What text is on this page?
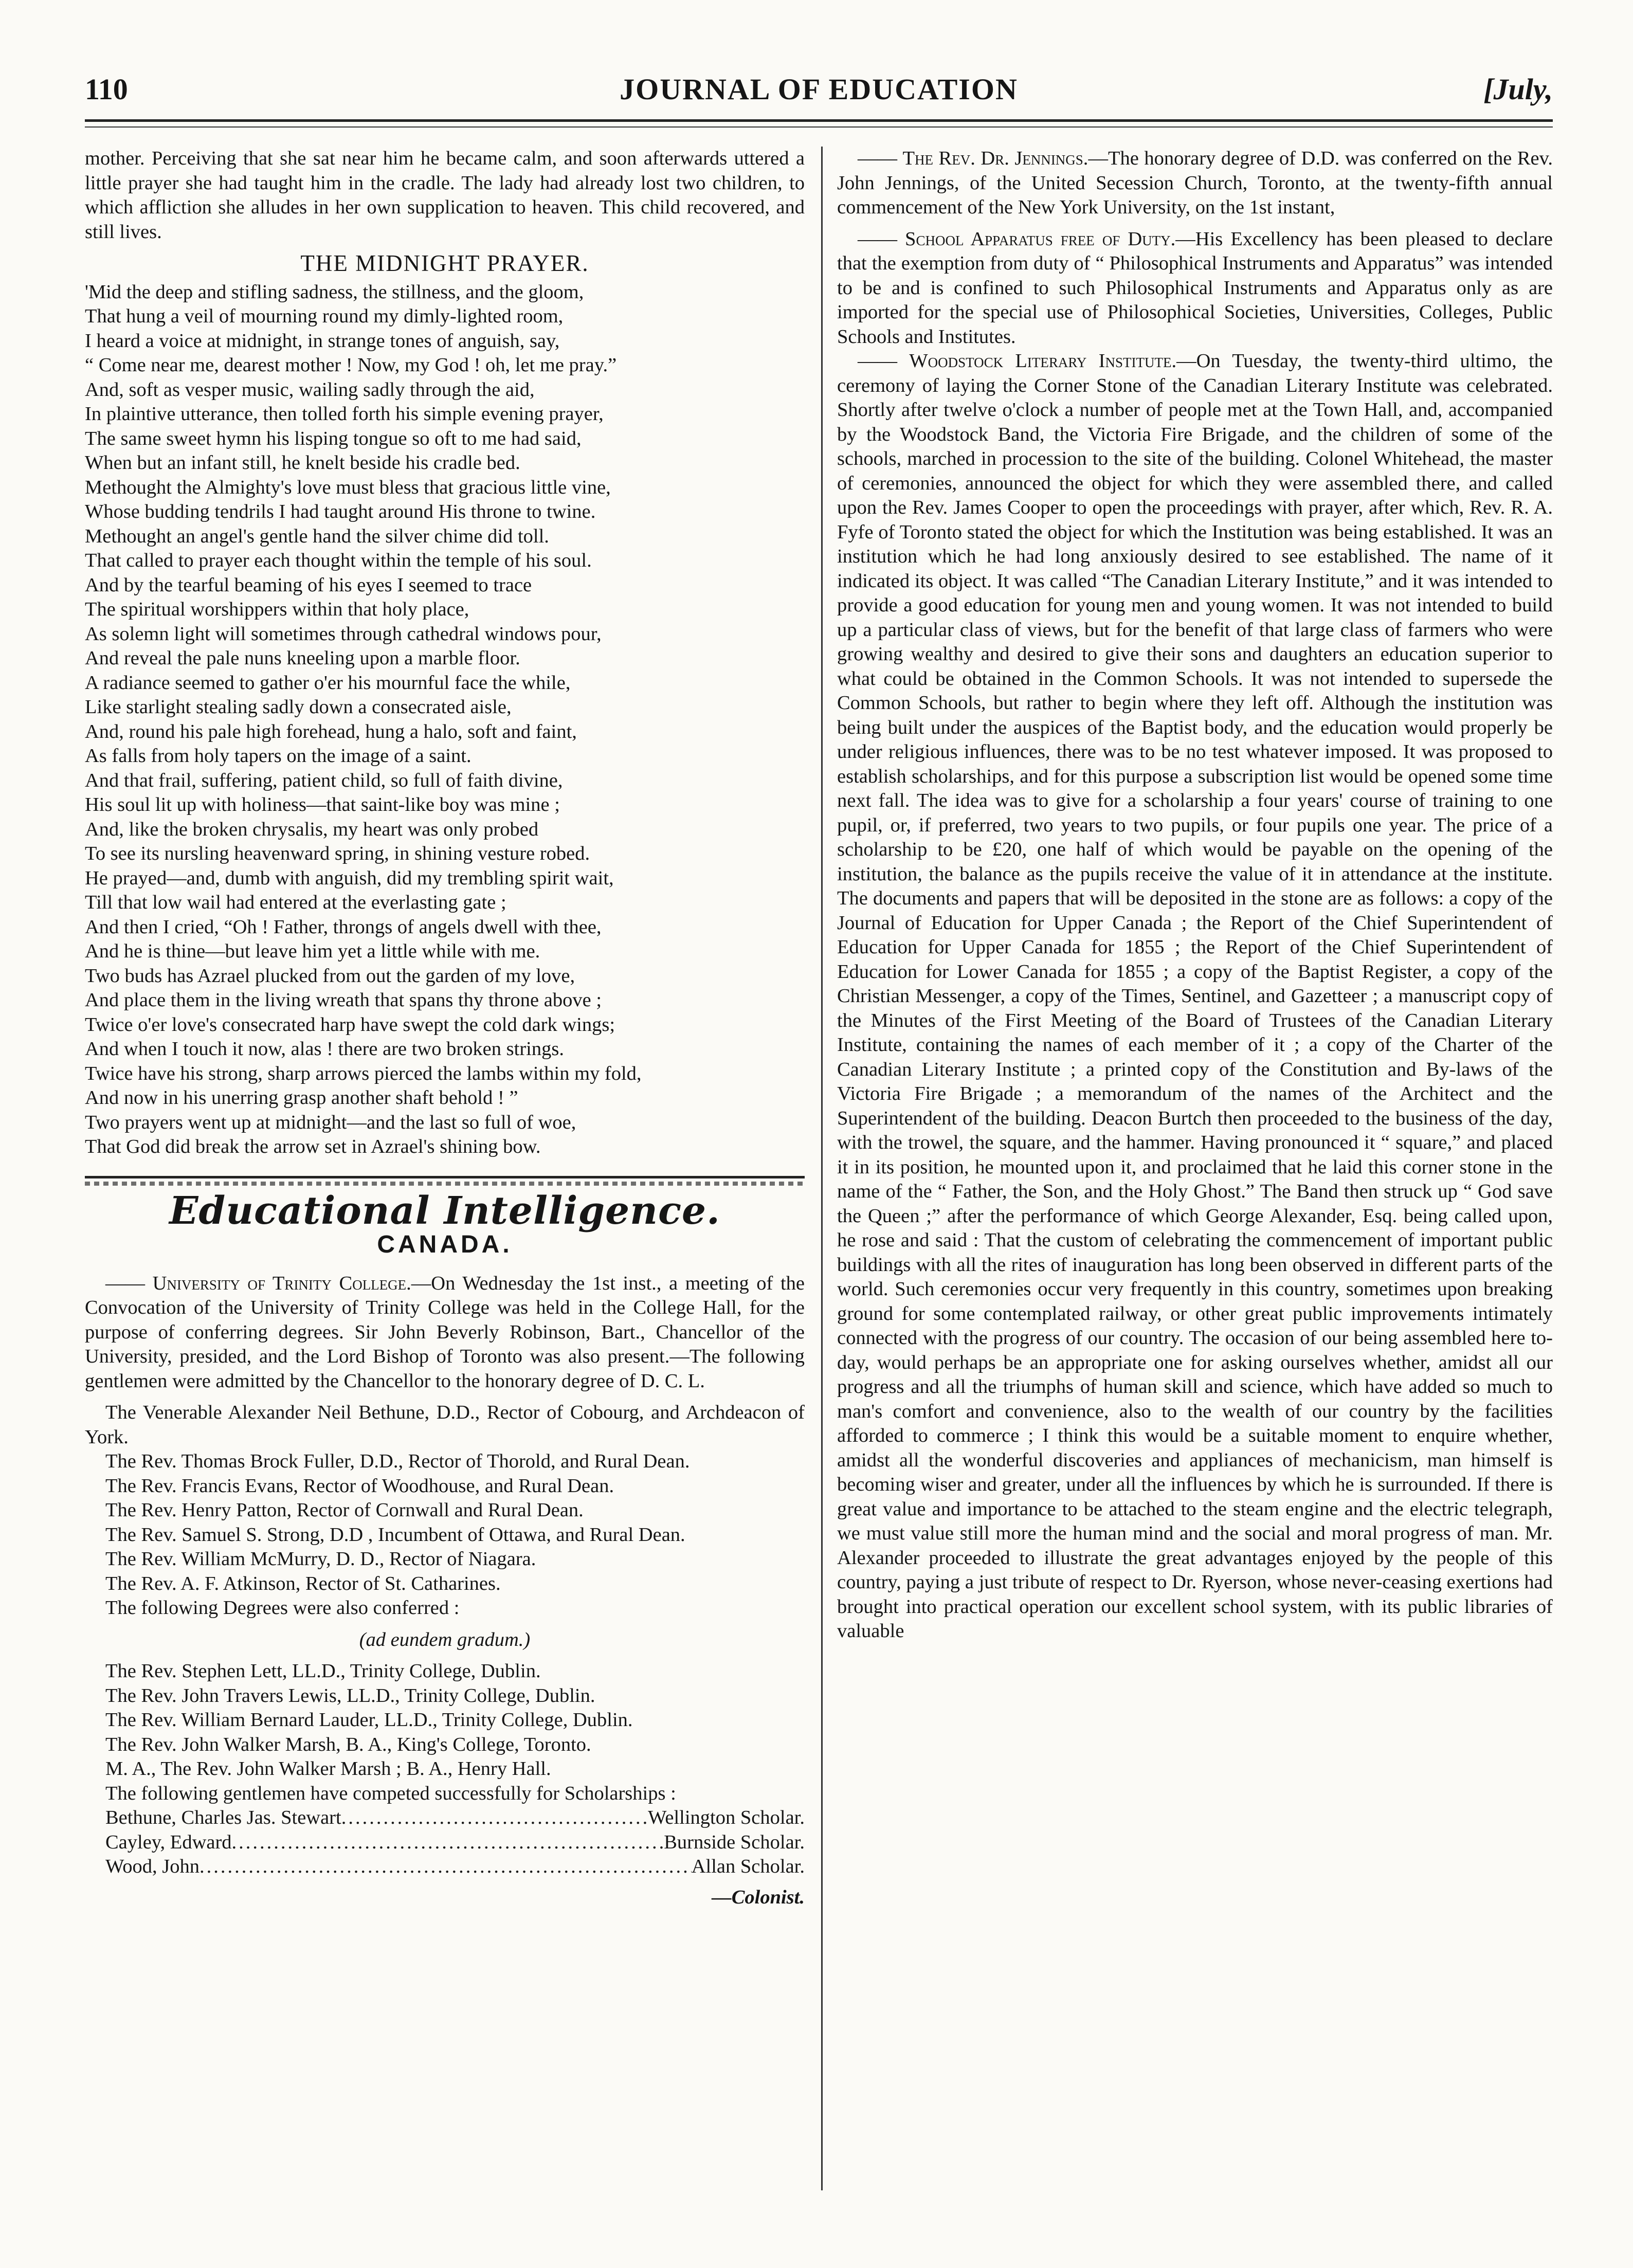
110	JOURNAL OF EDUCATION	[July,

mother. Perceiving that she sat near him he became calm, and soon afterwards uttered a little prayer she had taught him in the cradle. The lady had already lost two children, to which affliction she alludes in her own supplication to heaven. This child recovered, and still lives.

THE MIDNIGHT PRAYER.
'Mid the deep and stifling sadness, the stillness, and the gloom,
That hung a veil of mourning round my dimly-lighted room,
I heard a voice at midnight, in strange tones of anguish, say,
“ Come near me, dearest mother ! Now, my God ! oh, let me pray.”
And, soft as vesper music, wailing sadly through the aid,
In plaintive utterance, then tolled forth his simple evening prayer,
The same sweet hymn his lisping tongue so oft to me had said,
When but an infant still, he knelt beside his cradle bed.
Methought the Almighty's love must bless that gracious little vine,
Whose budding tendrils I had taught around His throne to twine.
Methought an angel's gentle hand the silver chime did toll.
That called to prayer each thought within the temple of his soul.
And by the tearful beaming of his eyes I seemed to trace
The spiritual worshippers within that holy place,
As solemn light will sometimes through cathedral windows pour,
And reveal the pale nuns kneeling upon a marble floor.
A radiance seemed to gather o'er his mournful face the while,
Like starlight stealing sadly down a consecrated aisle,
And, round his pale high forehead, hung a halo, soft and faint,
As falls from holy tapers on the image of a saint.
And that frail, suffering, patient child, so full of faith divine,
His soul lit up with holiness—that saint-like boy was mine ;
And, like the broken chrysalis, my heart was only probed
To see its nursling heavenward spring, in shining vesture robed.
He prayed—and, dumb with anguish, did my trembling spirit wait,
Till that low wail had entered at the everlasting gate ;
And then I cried, “Oh ! Father, throngs of angels dwell with thee,
And he is thine—but leave him yet a little while with me.
Two buds has Azrael plucked from out the garden of my love,
And place them in the living wreath that spans thy throne above ;
Twice o'er love's consecrated harp have swept the cold dark wings;
And when I touch it now, alas ! there are two broken strings.
Twice have his strong, sharp arrows pierced the lambs within my fold,
And now in his unerring grasp another shaft behold ! ”
Two prayers went up at midnight—and the last so full of woe,
That God did break the arrow set in Azrael's shining bow.
Educational Intelligence.
CANADA.

—— University of Trinity College.—On Wednesday the 1st inst., a meeting of the Convocation of the University of Trinity College was held in the College Hall, for the purpose of conferring degrees. Sir John Beverly Robinson, Bart., Chancellor of the University, presided, and the Lord Bishop of Toronto was also present.—The following gentlemen were admitted by the Chancellor to the honorary degree of D. C. L.

The Venerable Alexander Neil Bethune, D.D., Rector of Cobourg, and Archdeacon of York.

The Rev. Thomas Brock Fuller, D.D., Rector of Thorold, and Rural Dean.

The Rev. Francis Evans, Rector of Woodhouse, and Rural Dean.

The Rev. Henry Patton, Rector of Cornwall and Rural Dean.

The Rev. Samuel S. Strong, D.D , Incumbent of Ottawa, and Rural Dean.

The Rev. William McMurry, D. D., Rector of Niagara.

The Rev. A. F. Atkinson, Rector of St. Catharines.

The following Degrees were also conferred :

(ad eundem gradum.)

The Rev. Stephen Lett, LL.D., Trinity College, Dublin.

The Rev. John Travers Lewis, LL.D., Trinity College, Dublin.

The Rev. William Bernard Lauder, LL.D., Trinity College, Dublin.

The Rev. John Walker Marsh, B. A., King's College, Toronto.

M. A., The Rev. John Walker Marsh ; B. A., Henry Hall.

The following gentlemen have competed successfully for Scholarships :

Bethune, Charles Jas. Stewart .....	Wellington Scholar.
Cayley, Edward .....	Burnside Scholar.
Wood, John .....	Allan Scholar.
—Colonist.

—— The Rev. Dr. Jennings.—The honorary degree of D.D. was conferred on the Rev. John Jennings, of the United Secession Church, Toronto, at the twenty-fifth annual commencement of the New York University, on the 1st instant,

—— School Apparatus free of Duty.—His Excellency has been pleased to declare that the exemption from duty of “ Philosophical Instruments and Apparatus” was intended to be and is confined to such Philosophical Instruments and Apparatus only as are imported for the special use of Philosophical Societies, Universities, Colleges, Public Schools and Institutes.

—— Woodstock Literary Institute.—On Tuesday, the twenty-third ultimo, the ceremony of laying the Corner Stone of the Canadian Literary Institute was celebrated. Shortly after twelve o'clock a number of people met at the Town Hall, and, accompanied by the Woodstock Band, the Victoria Fire Brigade, and the children of some of the schools, marched in procession to the site of the building. Colonel Whitehead, the master of ceremonies, announced the object for which they were assembled there, and called upon the Rev. James Cooper to open the proceedings with prayer, after which, Rev. R. A. Fyfe of Toronto stated the object for which the Institution was being established. It was an institution which he had long anxiously desired to see established. The name of it indicated its object. It was called “The Canadian Literary Institute,” and it was intended to provide a good education for young men and young women. It was not intended to build up a particular class of views, but for the benefit of that large class of farmers who were growing wealthy and desired to give their sons and daughters an education superior to what could be obtained in the Common Schools. It was not intended to supersede the Common Schools, but rather to begin where they left off. Although the institution was being built under the auspices of the Baptist body, and the education would properly be under religious influences, there was to be no test whatever imposed. It was proposed to establish scholarships, and for this purpose a subscription list would be opened some time next fall. The idea was to give for a scholarship a four years' course of training to one pupil, or, if preferred, two years to two pupils, or four pupils one year. The price of a scholarship to be £20, one half of which would be payable on the opening of the institution, the balance as the pupils receive the value of it in attendance at the institute. The documents and papers that will be deposited in the stone are as follows: a copy of the Journal of Education for Upper Canada ; the Report of the Chief Superintendent of Education for Upper Canada for 1855 ; the Report of the Chief Superintendent of Education for Lower Canada for 1855 ; a copy of the Baptist Register, a copy of the Christian Messenger, a copy of the Times, Sentinel, and Gazetteer ; a manuscript copy of the Minutes of the First Meeting of the Board of Trustees of the Canadian Literary Institute, containing the names of each member of it ; a copy of the Charter of the Canadian Literary Institute ; a printed copy of the Constitution and By-laws of the Victoria Fire Brigade ; a memorandum of the names of the Architect and the Superintendent of the building. Deacon Burtch then proceeded to the business of the day, with the trowel, the square, and the hammer. Having pronounced it “ square,” and placed it in its position, he mounted upon it, and proclaimed that he laid this corner stone in the name of the “ Father, the Son, and the Holy Ghost.” The Band then struck up “ God save the Queen ;” after the performance of which George Alexander, Esq. being called upon, he rose and said : That the custom of celebrating the commencement of important public buildings with all the rites of inauguration has long been observed in different parts of the world. Such ceremonies occur very frequently in this country, sometimes upon breaking ground for some contemplated railway, or other great public improvements intimately connected with the progress of our country. The occasion of our being assembled here to-day, would perhaps be an appropriate one for asking ourselves whether, amidst all our progress and all the triumphs of human skill and science, which have added so much to man's comfort and convenience, also to the wealth of our country by the facilities afforded to commerce ; I think this would be a suitable moment to enquire whether, amidst all the wonderful discoveries and appliances of mechanicism, man himself is becoming wiser and greater, under all the influences by which he is surrounded. If there is great value and importance to be attached to the steam engine and the electric telegraph, we must value still more the human mind and the social and moral progress of man. Mr. Alexander proceeded to illustrate the great advantages enjoyed by the people of this country, paying a just tribute of respect to Dr. Ryerson, whose never-ceasing exertions had brought into practical operation our excellent school system, with its public libraries of valuable
